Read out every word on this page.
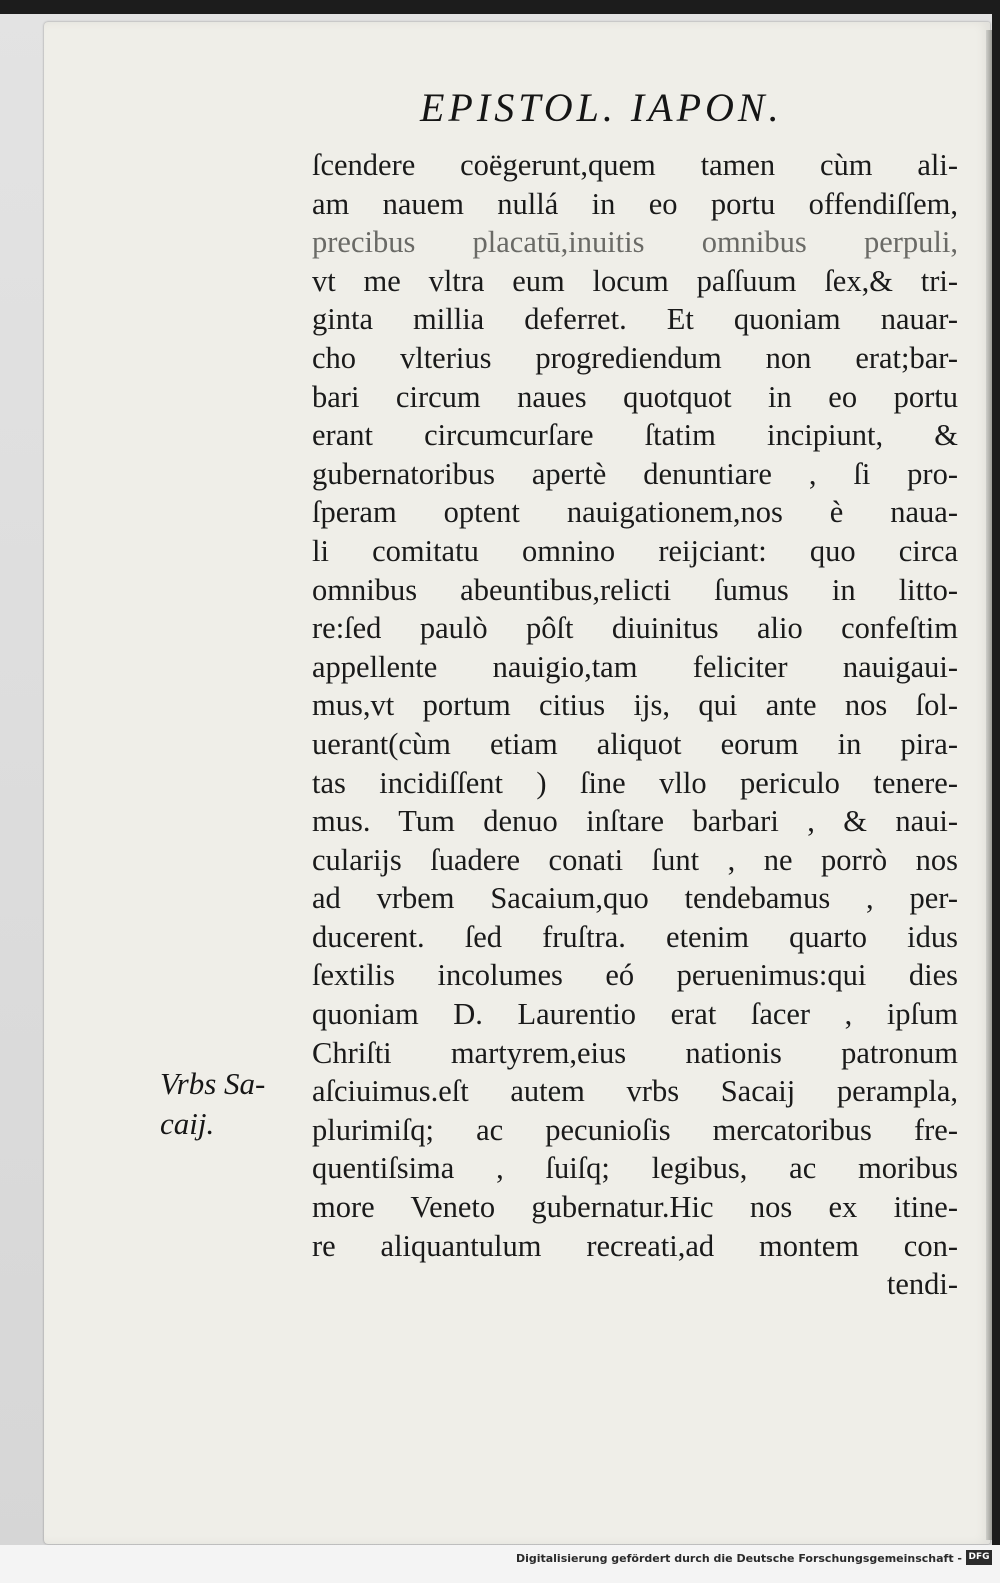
EPISTOL. IAPON.
ſcendere coëgerunt,quem tamen cùm ali-
am nauem nullá in eo portu offendiſſem,
precibus placatū,inuitis omnibus perpuli,
vt me vltra eum locum paſſuum ſex,& tri-
ginta millia deferret. Et quoniam nauar-
cho vlterius progrediendum non erat;bar-
bari circum naues quotquot in eo portu
erant circumcurſare ſtatim incipiunt, &
gubernatoribus apertè denuntiare , ſi pro-
ſperam optent nauigationem,nos è naua-
li comitatu omnino reijciant: quo circa
omnibus abeuntibus,relicti ſumus in litto-
re:ſed paulò pôſt diuinitus alio confeſtim
appellente nauigio,tam feliciter nauigaui-
mus,vt portum citius ijs, qui ante nos ſol-
uerant(cùm etiam aliquot eorum in pira-
tas incidiſſent ) ſine vllo periculo tenere-
mus. Tum denuo inſtare barbari , & naui-
cularijs ſuadere conati ſunt , ne porrò nos
ad vrbem Sacaium,quo tendebamus , per-
ducerent. ſed fruſtra. etenim quarto idus
ſextilis incolumes eó peruenimus:qui dies
quoniam D. Laurentio erat ſacer , ipſum
Chriſti martyrem,eius nationis patronum
aſciuimus.eſt autem vrbs Sacaij perampla,
plurimiſq; ac pecunioſis mercatoribus fre-
quentiſsima , ſuiſq; legibus, ac moribus
more Veneto gubernatur.Hic nos ex itine-
re aliquantulum recreati,ad montem con-
tendi-
Vrbs Sa-
caij.
Digitalisierung gefördert durch die Deutsche Forschungsgemeinschaft - DFG
